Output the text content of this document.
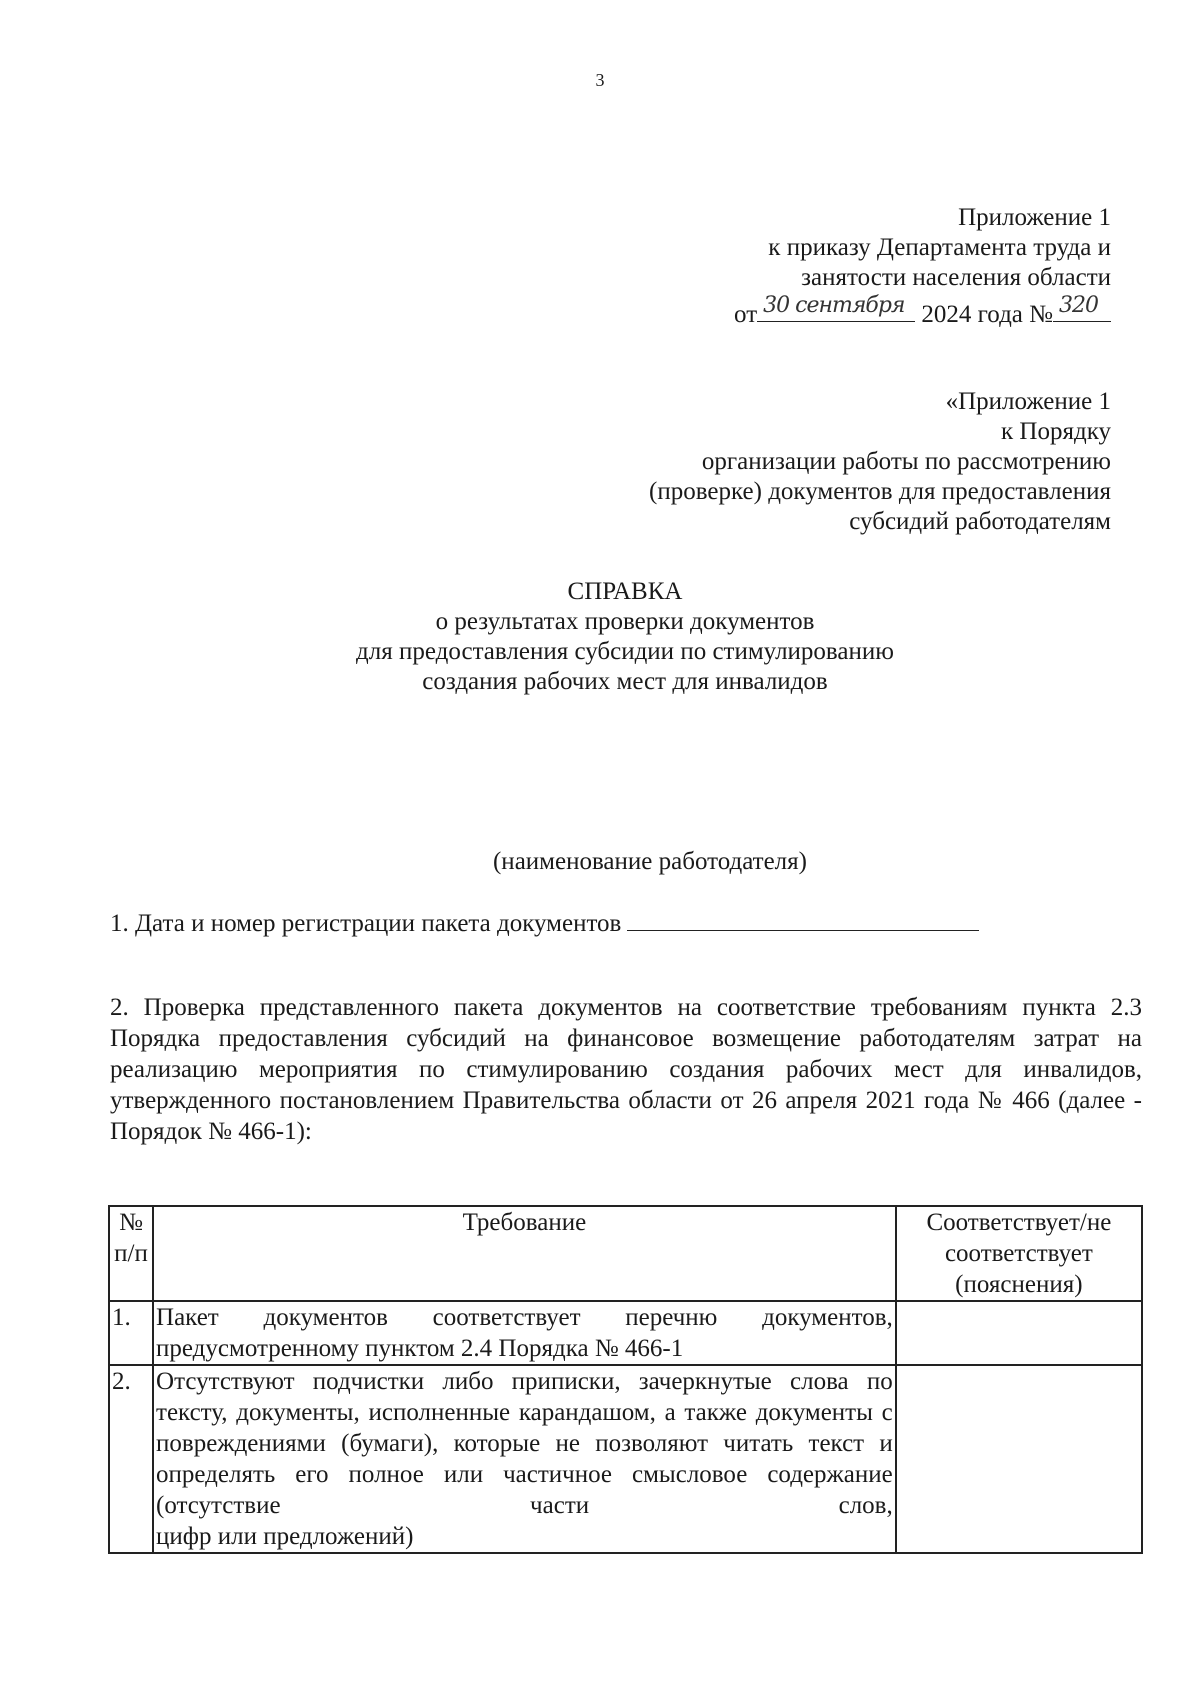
3
Приложение 1
к приказу Департамента труда и
занятости населения области
от 30 сентября 2024 года № 320
«Приложение 1
к Порядку
организации работы по рассмотрению
(проверке) документов для предоставления
субсидий работодателям
СПРАВКА
о результатах проверки документов
для предоставления субсидии по стимулированию
создания рабочих мест для инвалидов
(наименование работодателя)
1. Дата и номер регистрации пакета документов
2. Проверка представленного пакета документов на соответствие требованиям пункта 2.3 Порядка предоставления субсидий на финансовое возмещение работодателям затрат на реализацию мероприятия по стимулированию создания рабочих мест для инвалидов, утвержденного постановлением Правительства области от 26 апреля 2021 года № 466 (далее - Порядок № 466-1):
№ п/п	Требование	Соответствует/не соответствует (пояснения)
1.	Пакет документов соответствует перечню документов,
предусмотренному пунктом 2.4 Порядка № 466-1	

2.	Отсутствуют подчистки либо приписки, зачеркнутые слова по тексту, документы, исполненные карандашом, а также документы с повреждениями (бумаги), которые не позволяют читать текст и определять его полное или частичное смысловое содержание (отсутствие части слов,
цифр или предложений)	
